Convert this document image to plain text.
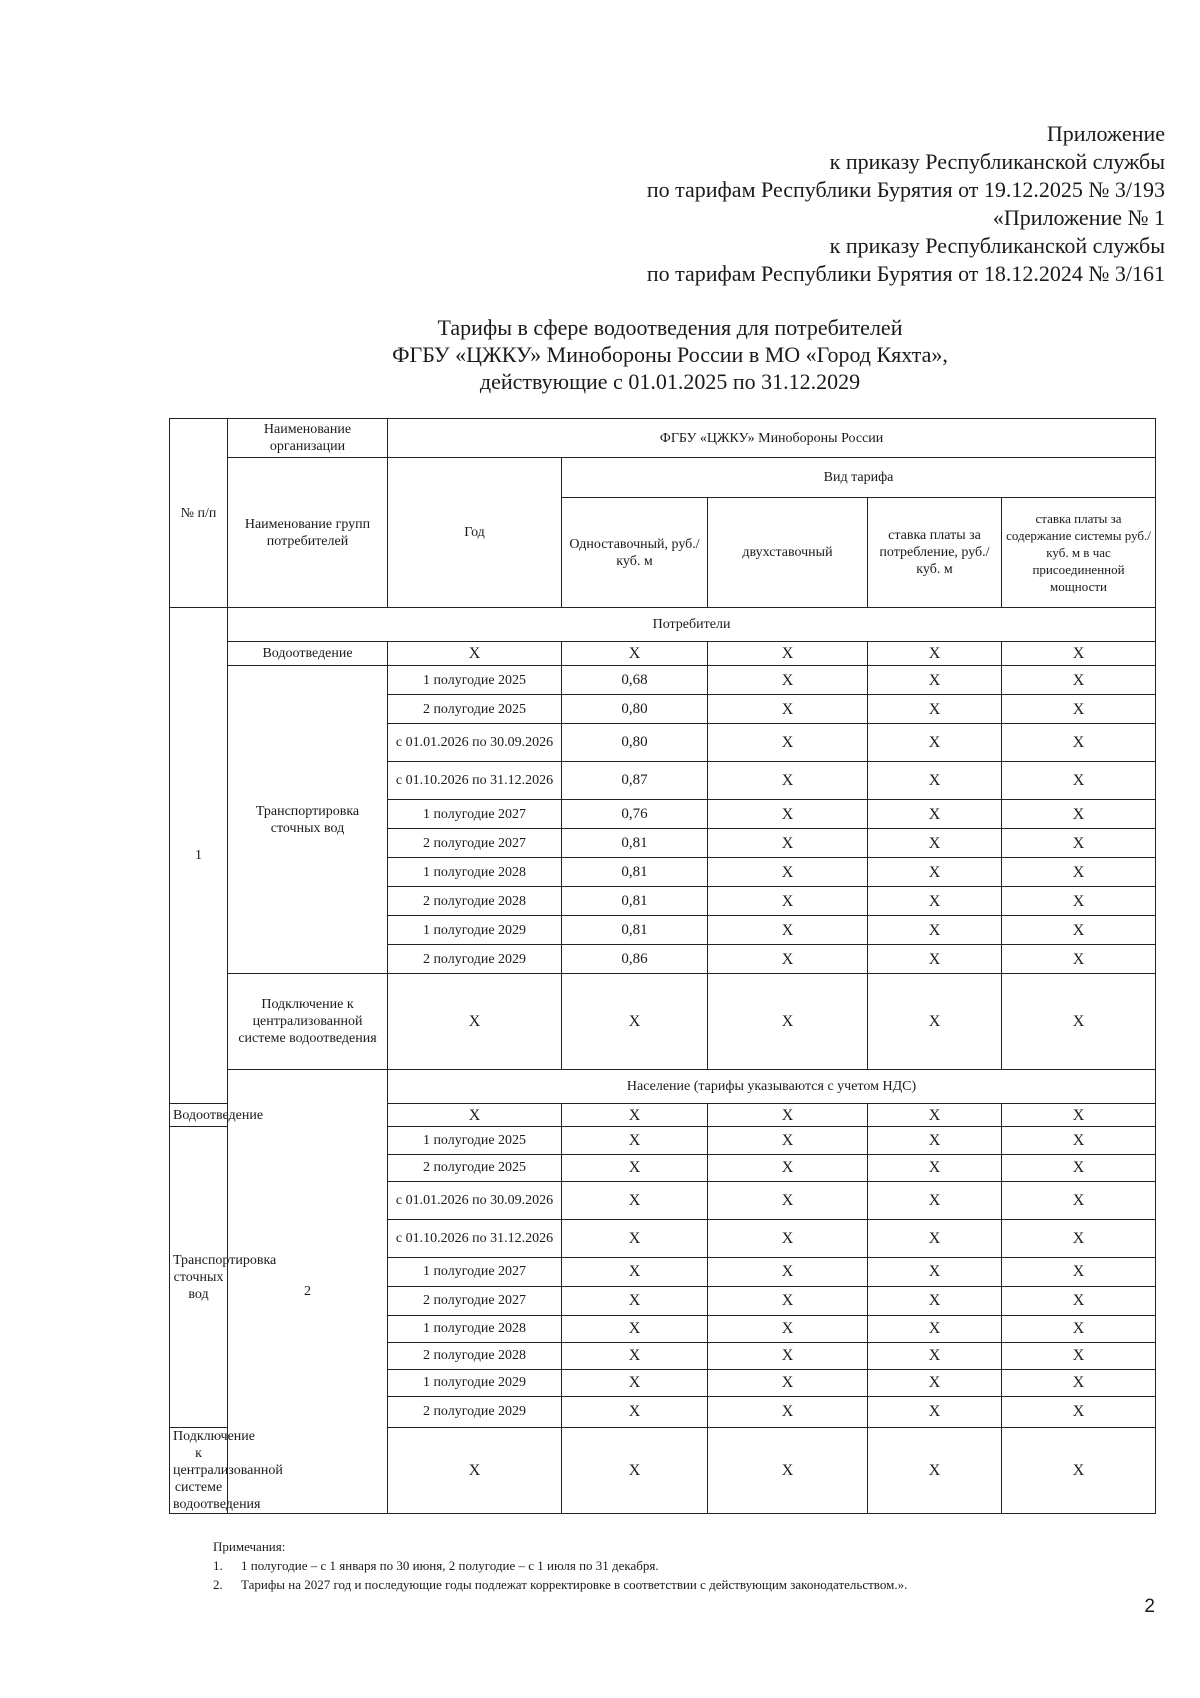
Приложение
к приказу Республиканской службы
по тарифам Республики Бурятия от 19.12.2025 № 3/193
«Приложение № 1
к приказу Республиканской службы
по тарифам Республики Бурятия от 18.12.2024 № 3/161
Тарифы в сфере водоотведения для потребителей
ФГБУ «ЦЖКУ» Минобороны России в МО «Город Кяхта»,
действующие с 01.01.2025 по 31.12.2029
№ п/п	Наименование организации	ФГБУ «ЦЖКУ» Минобороны России				
	Наименование групп потребителей	Год	Вид тарифа			
			Одноставочный, руб./ куб. м	двухставочный	ставка платы за потребление, руб./ куб. м	ставка платы за содержание системы руб./куб. м в час присоединенной мощности
1	Потребители					
	Водоотведение	X	X	X	X	X
	Транспортировка сточных вод	1 полугодие 2025	0,68	X	X	X
		2 полугодие 2025	0,80	X	X	X
		с 01.01.2026 по 30.09.2026	0,80	X	X	X
		с 01.10.2026 по 31.12.2026	0,87	X	X	X
		1 полугодие 2027	0,76	X	X	X
		2 полугодие 2027	0,81	X	X	X
		1 полугодие 2028	0,81	X	X	X
		2 полугодие 2028	0,81	X	X	X
		1 полугодие 2029	0,81	X	X	X
		2 полугодие 2029	0,86	X	X	X
	Подключение к централизованной системе водоотведения	X	X	X	X	X
	2	Население (тарифы указываются с учетом НДС)				
Водоотведение		X	X	X	X	X
Транспортировка сточных вод		1 полугодие 2025	X	X	X	X
		2 полугодие 2025	X	X	X	X
		с 01.01.2026 по 30.09.2026	X	X	X	X
		с 01.10.2026 по 31.12.2026	X	X	X	X
		1 полугодие 2027	X	X	X	X
		2 полугодие 2027	X	X	X	X
		1 полугодие 2028	X	X	X	X
		2 полугодие 2028	X	X	X	X
		1 полугодие 2029	X	X	X	X
		2 полугодие 2029	X	X	X	X
Подключение к централизованной системе водоотведения		X	X	X	X	X
Примечания:
1. 1 полугодие – с 1 января по 30 июня, 2 полугодие – с 1 июля по 31 декабря.
2. Тарифы на 2027 год и последующие годы подлежат корректировке в соответствии с действующим законодательством.».
2
